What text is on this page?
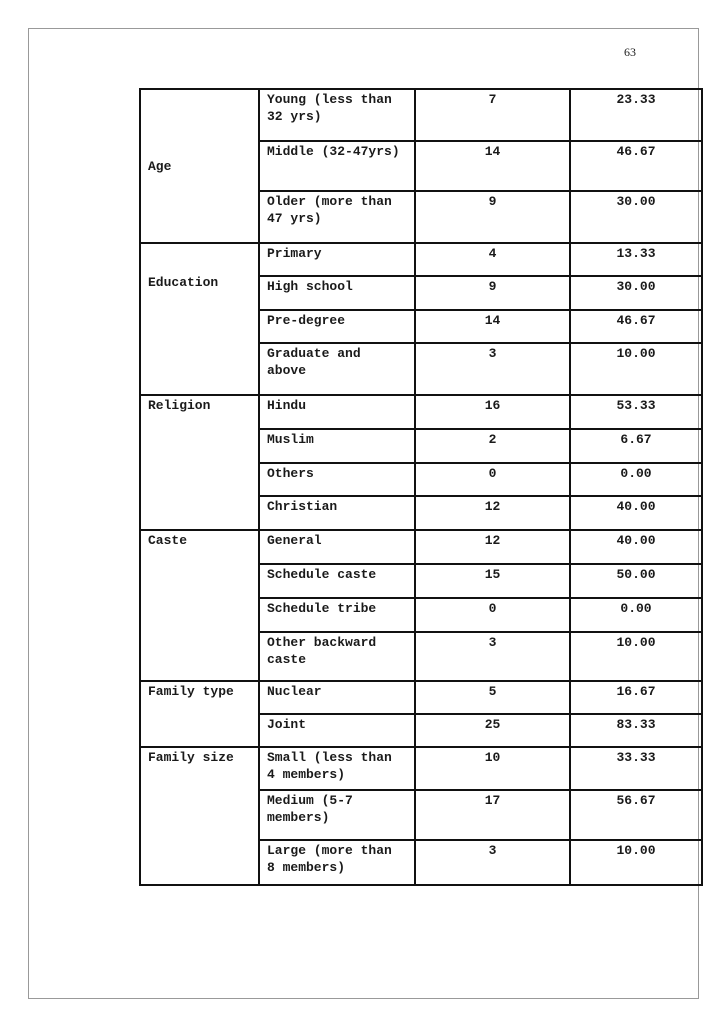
63
Age	Young (less than 32 yrs)	7	23.33
	Middle (32-47yrs)	14	46.67
	Older (more than 47 yrs)	9	30.00
Education	Primary	4	13.33
	High school	9	30.00
	Pre-degree	14	46.67
	Graduate and above	3	10.00
Religion	Hindu	16	53.33
	Muslim	2	6.67
	Others	0	0.00
	Christian	12	40.00
Caste	General	12	40.00
	Schedule caste	15	50.00
	Schedule tribe	0	0.00
	Other backward caste	3	10.00
Family type	Nuclear	5	16.67
	Joint	25	83.33
Family size	Small (less than 4 members)	10	33.33
	Medium (5-7 members)	17	56.67
	Large (more than 8 members)	3	10.00
